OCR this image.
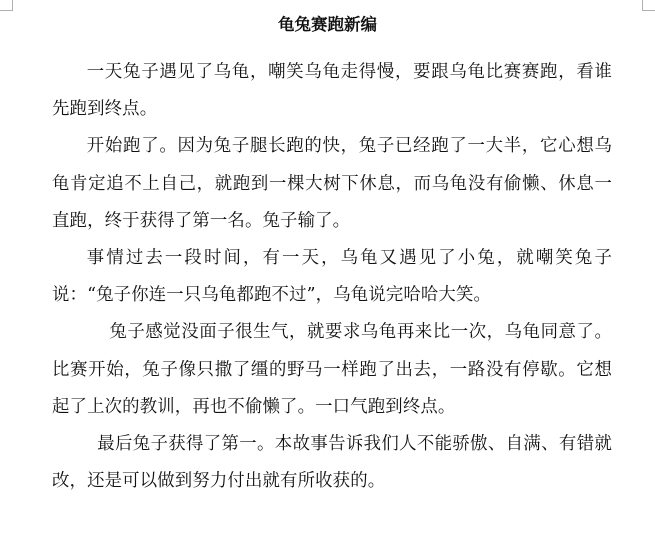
龟兔赛跑新编

一天兔子遇见了乌龟，嘲笑乌龟走得慢，要跟乌龟比赛赛跑，看谁先跑到终点。

开始跑了。因为兔子腿长跑的快，兔子已经跑了一大半，它心想乌龟肯定追不上自己，就跑到一棵大树下休息，而乌龟没有偷懒、休息一直跑，终于获得了第一名。兔子输了。

事情过去一段时间，有一天，乌龟又遇见了小兔，就嘲笑兔子说：“兔子你连一只乌龟都跑不过”，乌龟说完哈哈大笑。

兔子感觉没面子很生气，就要求乌龟再来比一次，乌龟同意了。比赛开始，兔子像只撒了缰的野马一样跑了出去，一路没有停歇。它想起了上次的教训，再也不偷懒了。一口气跑到终点。

最后兔子获得了第一。本故事告诉我们人不能骄傲、自满、有错就改，还是可以做到努力付出就有所收获的。
